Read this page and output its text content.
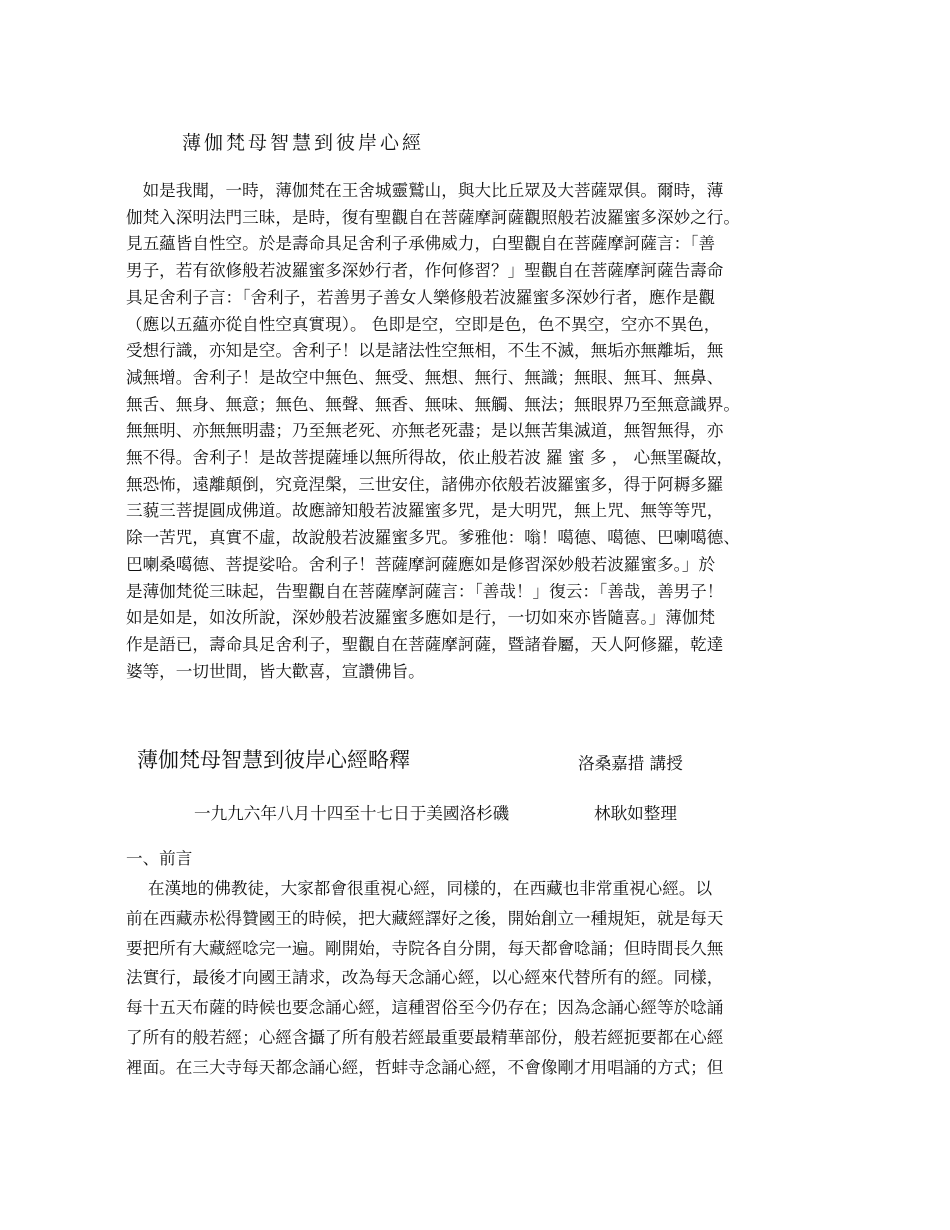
薄伽梵母智慧到彼岸心經
　如是我聞，一時，薄伽梵在王舍城靈鷲山，與大比丘眾及大菩薩眾俱。爾時，薄
伽梵入深明法門三昧，是時，復有聖觀自在菩薩摩訶薩觀照般若波羅蜜多深妙之行。
見五蘊皆自性空。於是壽命具足舍利子承佛威力，白聖觀自在菩薩摩訶薩言：「善
男子，若有欲修般若波羅蜜多深妙行者，作何修習？」聖觀自在菩薩摩訶薩告壽命
具足舍利子言：「舍利子，若善男子善女人樂修般若波羅蜜多深妙行者，應作是觀
（應以五蘊亦從自性空真實現）。 色即是空，空即是色，色不異空，空亦不異色，
受想行識，亦知是空。舍利子！以是諸法性空無相，不生不滅，無垢亦無離垢，無
減無增。舍利子！是故空中無色、無受、無想、無行、無識；無眼、無耳、無鼻、
無舌、無身、無意；無色、無聲、無香、無味、無觸、無法；無眼界乃至無意識界。
無無明、亦無無明盡；乃至無老死、亦無老死盡；是以無苦集滅道，無智無得，亦
無不得。舍利子！是故菩提薩埵以無所得故，依止般若波 羅 蜜 多 ， 心無罣礙故，
無恐怖，遠離顛倒，究竟涅槃，三世安住，諸佛亦依般若波羅蜜多，得于阿耨多羅
三藐三菩提圓成佛道。故應諦知般若波羅蜜多咒，是大明咒，無上咒、無等等咒，
除一苦咒，真實不虛，故說般若波羅蜜多咒。爹雅他：嗡！噶德、噶德、巴喇噶德、
巴喇桑噶德、菩提娑哈。舍利子！菩薩摩訶薩應如是修習深妙般若波羅蜜多。」於
是薄伽梵從三昧起，告聖觀自在菩薩摩訶薩言：「善哉！」復云：「善哉，善男子！
如是如是，如汝所說，深妙般若波羅蜜多應如是行，一切如來亦皆隨喜。」薄伽梵
作是語已，壽命具足舍利子，聖觀自在菩薩摩訶薩，暨諸眷屬，天人阿修羅，乾達
婆等，一切世間，皆大歡喜，宣讚佛旨。
薄伽梵母智慧到彼岸心經略釋	洛桑嘉措 講授
一九九六年八月十四至十七日于美國洛杉磯	林耿如整理
一、前言
　 在漢地的佛教徒，大家都會很重視心經，同樣的，在西藏也非常重視心經。以
前在西藏赤松得贊國王的時候，把大藏經譯好之後，開始創立一種規矩，就是每天
要把所有大藏經唸完一遍。剛開始，寺院各自分開，每天都會唸誦；但時間長久無
法實行，最後才向國王請求，改為每天念誦心經，以心經來代替所有的經。同樣，
每十五天布薩的時候也要念誦心經，這種習俗至今仍存在；因為念誦心經等於唸誦
了所有的般若經；心經含攝了所有般若經最重要最精華部份，般若經扼要都在心經
裡面。在三大寺每天都念誦心經，哲蚌寺念誦心經，不會像剛才用唱誦的方式；但
